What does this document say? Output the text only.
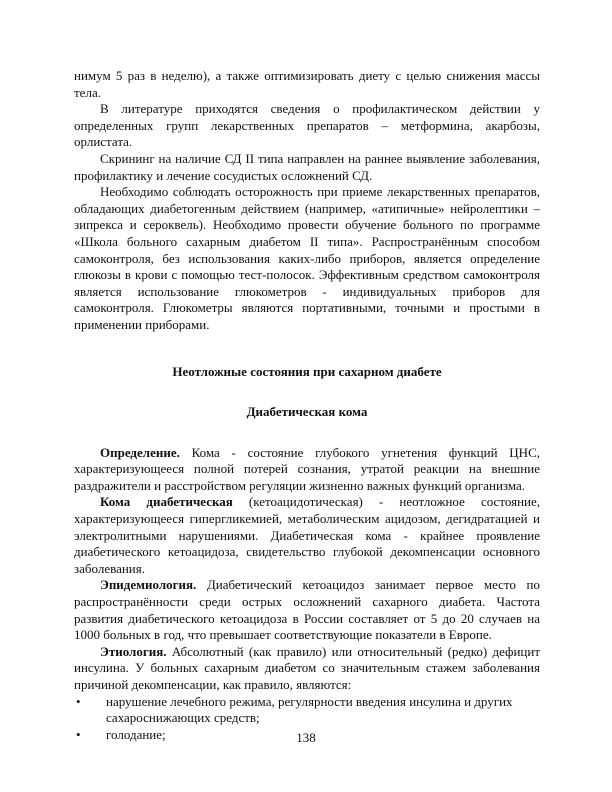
нимум 5 раз в неделю), а также оптимизировать диету с целью снижения массы тела.

В литературе приходятся сведения о профилактическом действии у определенных групп лекарственных препаратов – метформина, акарбозы, орлистата.

Скрининг на наличие СД II типа направлен на раннее выявление заболевания, профилактику и лечение сосудистых осложнений СД.

Необходимо соблюдать осторожность при приеме лекарственных препаратов, обладающих диабетогенным действием (например, «атипичные» нейролептики – зипрекса и сероквель). Необходимо провести обучение больного по программе «Школа больного сахарным диабетом II типа». Распространённым способом самоконтроля, без использования каких-либо приборов, является определение глюкозы в крови с помощью тест-полосок. Эффективным средством самоконтроля является использование глюкометров - индивидуальных приборов для самоконтроля. Глюкометры являются портативными, точными и простыми в применении приборами.

Неотложные состояния при сахарном диабете

Диабетическая кома

Определение. Кома - состояние глубокого угнетения функций ЦНС, характеризующееся полной потерей сознания, утратой реакции на внешние раздражители и расстройством регуляции жизненно важных функций организма.

Кома диабетическая (кетоацидотическая) - неотложное состояние, характеризующееся гипергликемией, метаболическим ацидозом, дегидратацией и электролитными нарушениями. Диабетическая кома - крайнее проявление диабетического кетоацидоза, свидетельство глубокой декомпенсации основного заболевания.

Эпидемиология. Диабетический кетоацидоз занимает первое место по распространённости среди острых осложнений сахарного диабета. Частота развития диабетического кетоацидоза в России составляет от 5 до 20 случаев на 1000 больных в год, что превышает соответствующие показатели в Европе.

Этиология. Абсолютный (как правило) или относительный (редко) дефицит инсулина. У больных сахарным диабетом со значительным стажем заболевания причиной декомпенсации, как правило, являются:

• нарушение лечебного режима, регулярности введения инсулина и других сахароснижающих средств;
• голодание;	138
